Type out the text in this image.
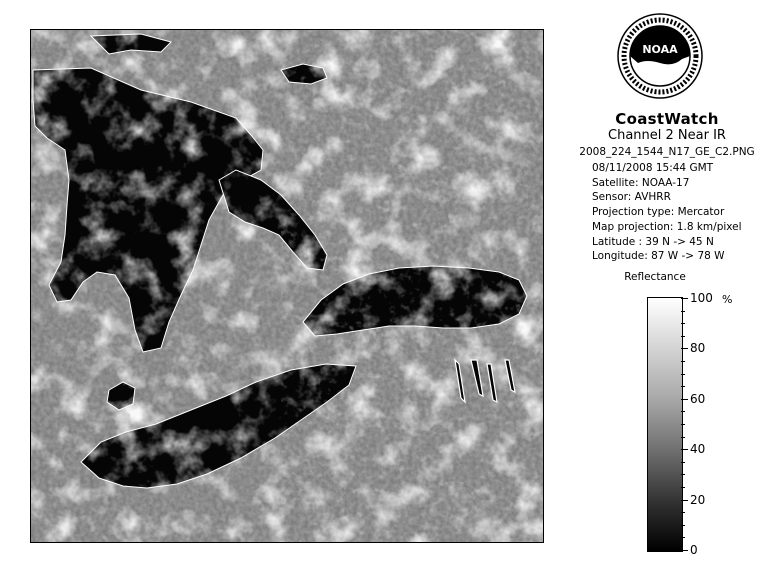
NOAA
CoastWatch
Channel 2 Near IR
2008_224_1544_N17_GE_C2.PNG
08/11/2008 15:44 GMT
Satellite: NOAA-17
Sensor: AVHRR
Projection type: Mercator
Map projection: 1.8 km/pixel
Latitude : 39 N -> 45 N
Longitude: 87 W -> 78 W
Reflectance
%
100
80
60
40
20
0
